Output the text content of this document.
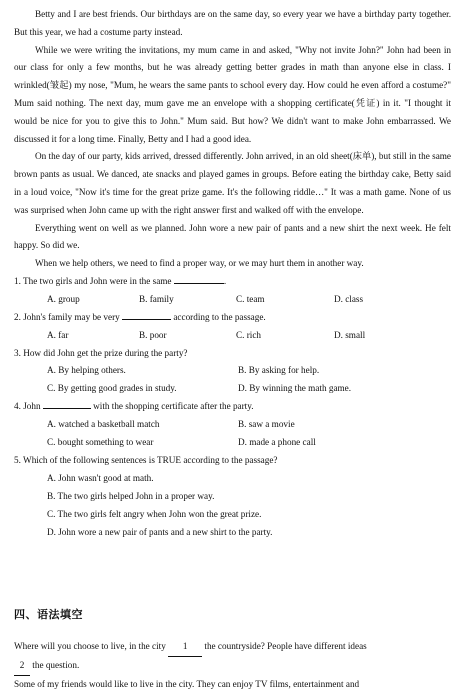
Betty and I are best friends. Our birthdays are on the same day, so every year we have a birthday party together. But this year, we had a costume party instead.

While we were writing the invitations, my mum came in and asked, "Why not invite John?" John had been in our class for only a few months, but he was already getting better grades in math than anyone else in class. I wrinkled(皱起) my nose, "Mum, he wears the same pants to school every day. How could he even afford a costume?" Mum said nothing. The next day, mum gave me an envelope with a shopping certificate(凭证) in it. "I thought it would be nice for you to give this to John." Mum said. But how? We didn't want to make John embarrassed. We discussed it for a long time. Finally, Betty and I had a good idea.

On the day of our party, kids arrived, dressed differently. John arrived, in an old sheet(床单), but still in the same brown pants as usual. We danced, ate snacks and played games in groups. Before eating the birthday cake, Betty said in a loud voice, "Now it's time for the great prize game. It's the following riddle…" It was a math game. None of us was surprised when John came up with the right answer first and walked off with the envelope.

Everything went on well as we planned. John wore a new pair of pants and a new shirt the next week. He felt happy. So did we.

When we help others, we need to find a proper way, or we may hurt them in another way.

1. The two girls and John were in the same	.
A. group	B. family	C. team	D. class
2. John's family may be very	according to the passage.
A. far	B. poor	C. rich	D. small
3. How did John get the prize during the party?
A. By helping others.	B. By asking for help.
C. By getting good grades in study.	D. By winning the math game.
4. John	with the shopping certificate after the party.
A. watched a basketball match	B. saw a movie
C. bought something to wear	D. made a phone call
5. Which of the following sentences is TRUE according to the passage?
A. John wasn't good at math.
B. The two girls helped John in a proper way.
C. The two girls felt angry when John won the great prize.
D. John wore a new pair of pants and a new shirt to the party.
四、语法填空

Where will you choose to live, in the city 1 the countryside? People have different ideas

2 the question.

Some of my friends would like to live in the city. They can enjoy TV films, entertainment and
